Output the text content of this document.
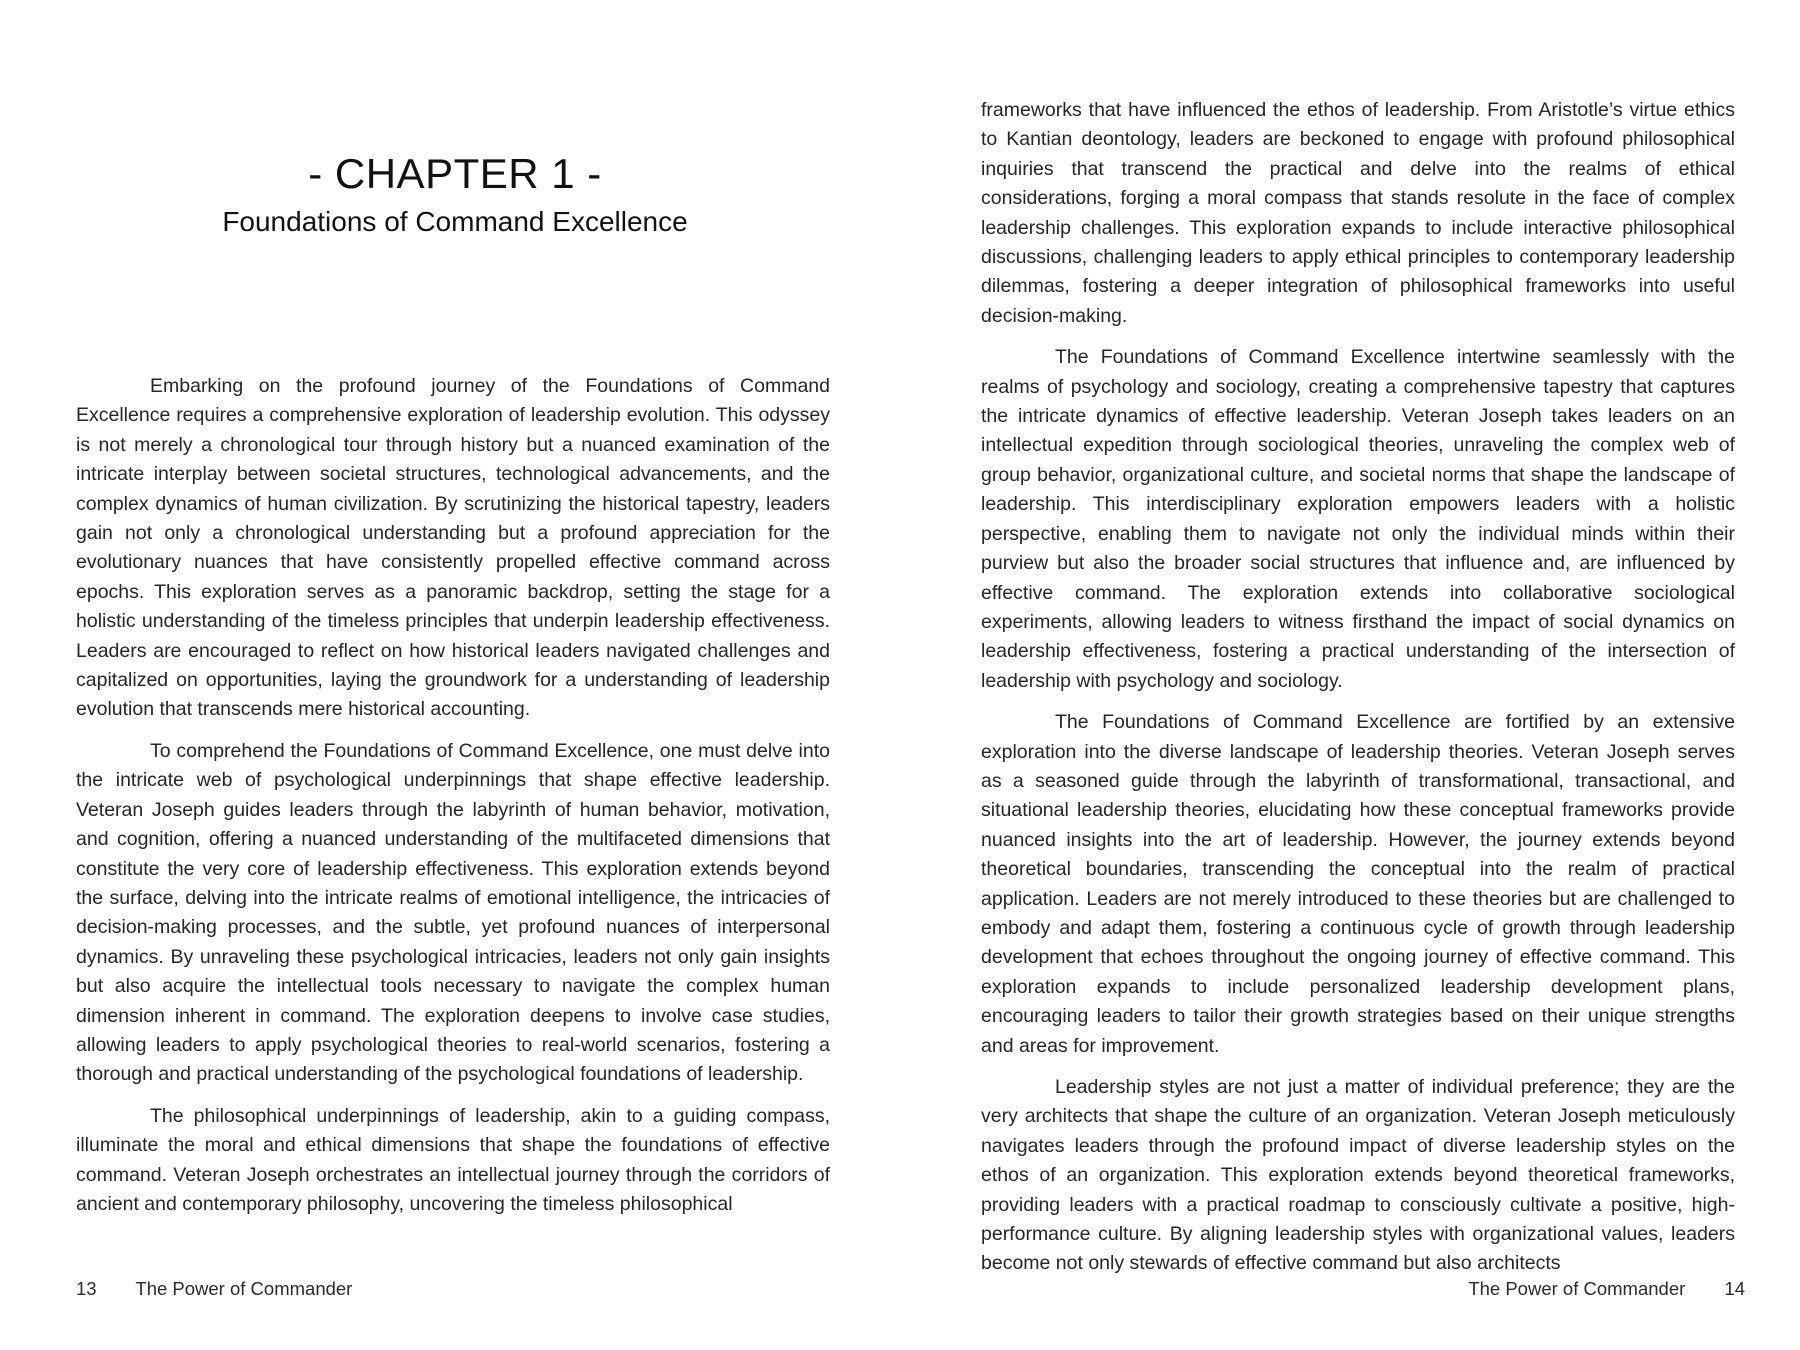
- CHAPTER 1 -
Foundations of Command Excellence

Embarking on the profound journey of the Foundations of Command Excellence requires a comprehensive exploration of leadership evolution. This odyssey is not merely a chronological tour through history but a nuanced examination of the intricate interplay between societal structures, technological advancements, and the complex dynamics of human civilization. By scrutinizing the historical tapestry, leaders gain not only a chronological understanding but a profound appreciation for the evolutionary nuances that have consistently propelled effective command across epochs. This exploration serves as a panoramic backdrop, setting the stage for a holistic understanding of the timeless principles that underpin leadership effectiveness. Leaders are encouraged to reflect on how historical leaders navigated challenges and capitalized on opportunities, laying the groundwork for a understanding of leadership evolution that transcends mere historical accounting.

To comprehend the Foundations of Command Excellence, one must delve into the intricate web of psychological underpinnings that shape effective leadership. Veteran Joseph guides leaders through the labyrinth of human behavior, motivation, and cognition, offering a nuanced understanding of the multifaceted dimensions that constitute the very core of leadership effectiveness. This exploration extends beyond the surface, delving into the intricate realms of emotional intelligence, the intricacies of decision-making processes, and the subtle, yet profound nuances of interpersonal dynamics. By unraveling these psychological intricacies, leaders not only gain insights but also acquire the intellectual tools necessary to navigate the complex human dimension inherent in command. The exploration deepens to involve case studies, allowing leaders to apply psychological theories to real-world scenarios, fostering a thorough and practical understanding of the psychological foundations of leadership.

The philosophical underpinnings of leadership, akin to a guiding compass, illuminate the moral and ethical dimensions that shape the foundations of effective command. Veteran Joseph orchestrates an intellectual journey through the corridors of ancient and contemporary philosophy, uncovering the timeless philosophical

13 The Power of Commander

frameworks that have influenced the ethos of leadership. From Aristotle’s virtue ethics to Kantian deontology, leaders are beckoned to engage with profound philosophical inquiries that transcend the practical and delve into the realms of ethical considerations, forging a moral compass that stands resolute in the face of complex leadership challenges. This exploration expands to include interactive philosophical discussions, challenging leaders to apply ethical principles to contemporary leadership dilemmas, fostering a deeper integration of philosophical frameworks into useful decision-making.

The Foundations of Command Excellence intertwine seamlessly with the realms of psychology and sociology, creating a comprehensive tapestry that captures the intricate dynamics of effective leadership. Veteran Joseph takes leaders on an intellectual expedition through sociological theories, unraveling the complex web of group behavior, organizational culture, and societal norms that shape the landscape of leadership. This interdisciplinary exploration empowers leaders with a holistic perspective, enabling them to navigate not only the individual minds within their purview but also the broader social structures that influence and, are influenced by effective command. The exploration extends into collaborative sociological experiments, allowing leaders to witness firsthand the impact of social dynamics on leadership effectiveness, fostering a practical understanding of the intersection of leadership with psychology and sociology.

The Foundations of Command Excellence are fortified by an extensive exploration into the diverse landscape of leadership theories. Veteran Joseph serves as a seasoned guide through the labyrinth of transformational, transactional, and situational leadership theories, elucidating how these conceptual frameworks provide nuanced insights into the art of leadership. However, the journey extends beyond theoretical boundaries, transcending the conceptual into the realm of practical application. Leaders are not merely introduced to these theories but are challenged to embody and adapt them, fostering a continuous cycle of growth through leadership development that echoes throughout the ongoing journey of effective command. This exploration expands to include personalized leadership development plans, encouraging leaders to tailor their growth strategies based on their unique strengths and areas for improvement.

Leadership styles are not just a matter of individual preference; they are the very architects that shape the culture of an organization. Veteran Joseph meticulously navigates leaders through the profound impact of diverse leadership styles on the ethos of an organization. This exploration extends beyond theoretical frameworks, providing leaders with a practical roadmap to consciously cultivate a positive, high-performance culture. By aligning leadership styles with organizational values, leaders become not only stewards of effective command but also architects

The Power of Commander 14
